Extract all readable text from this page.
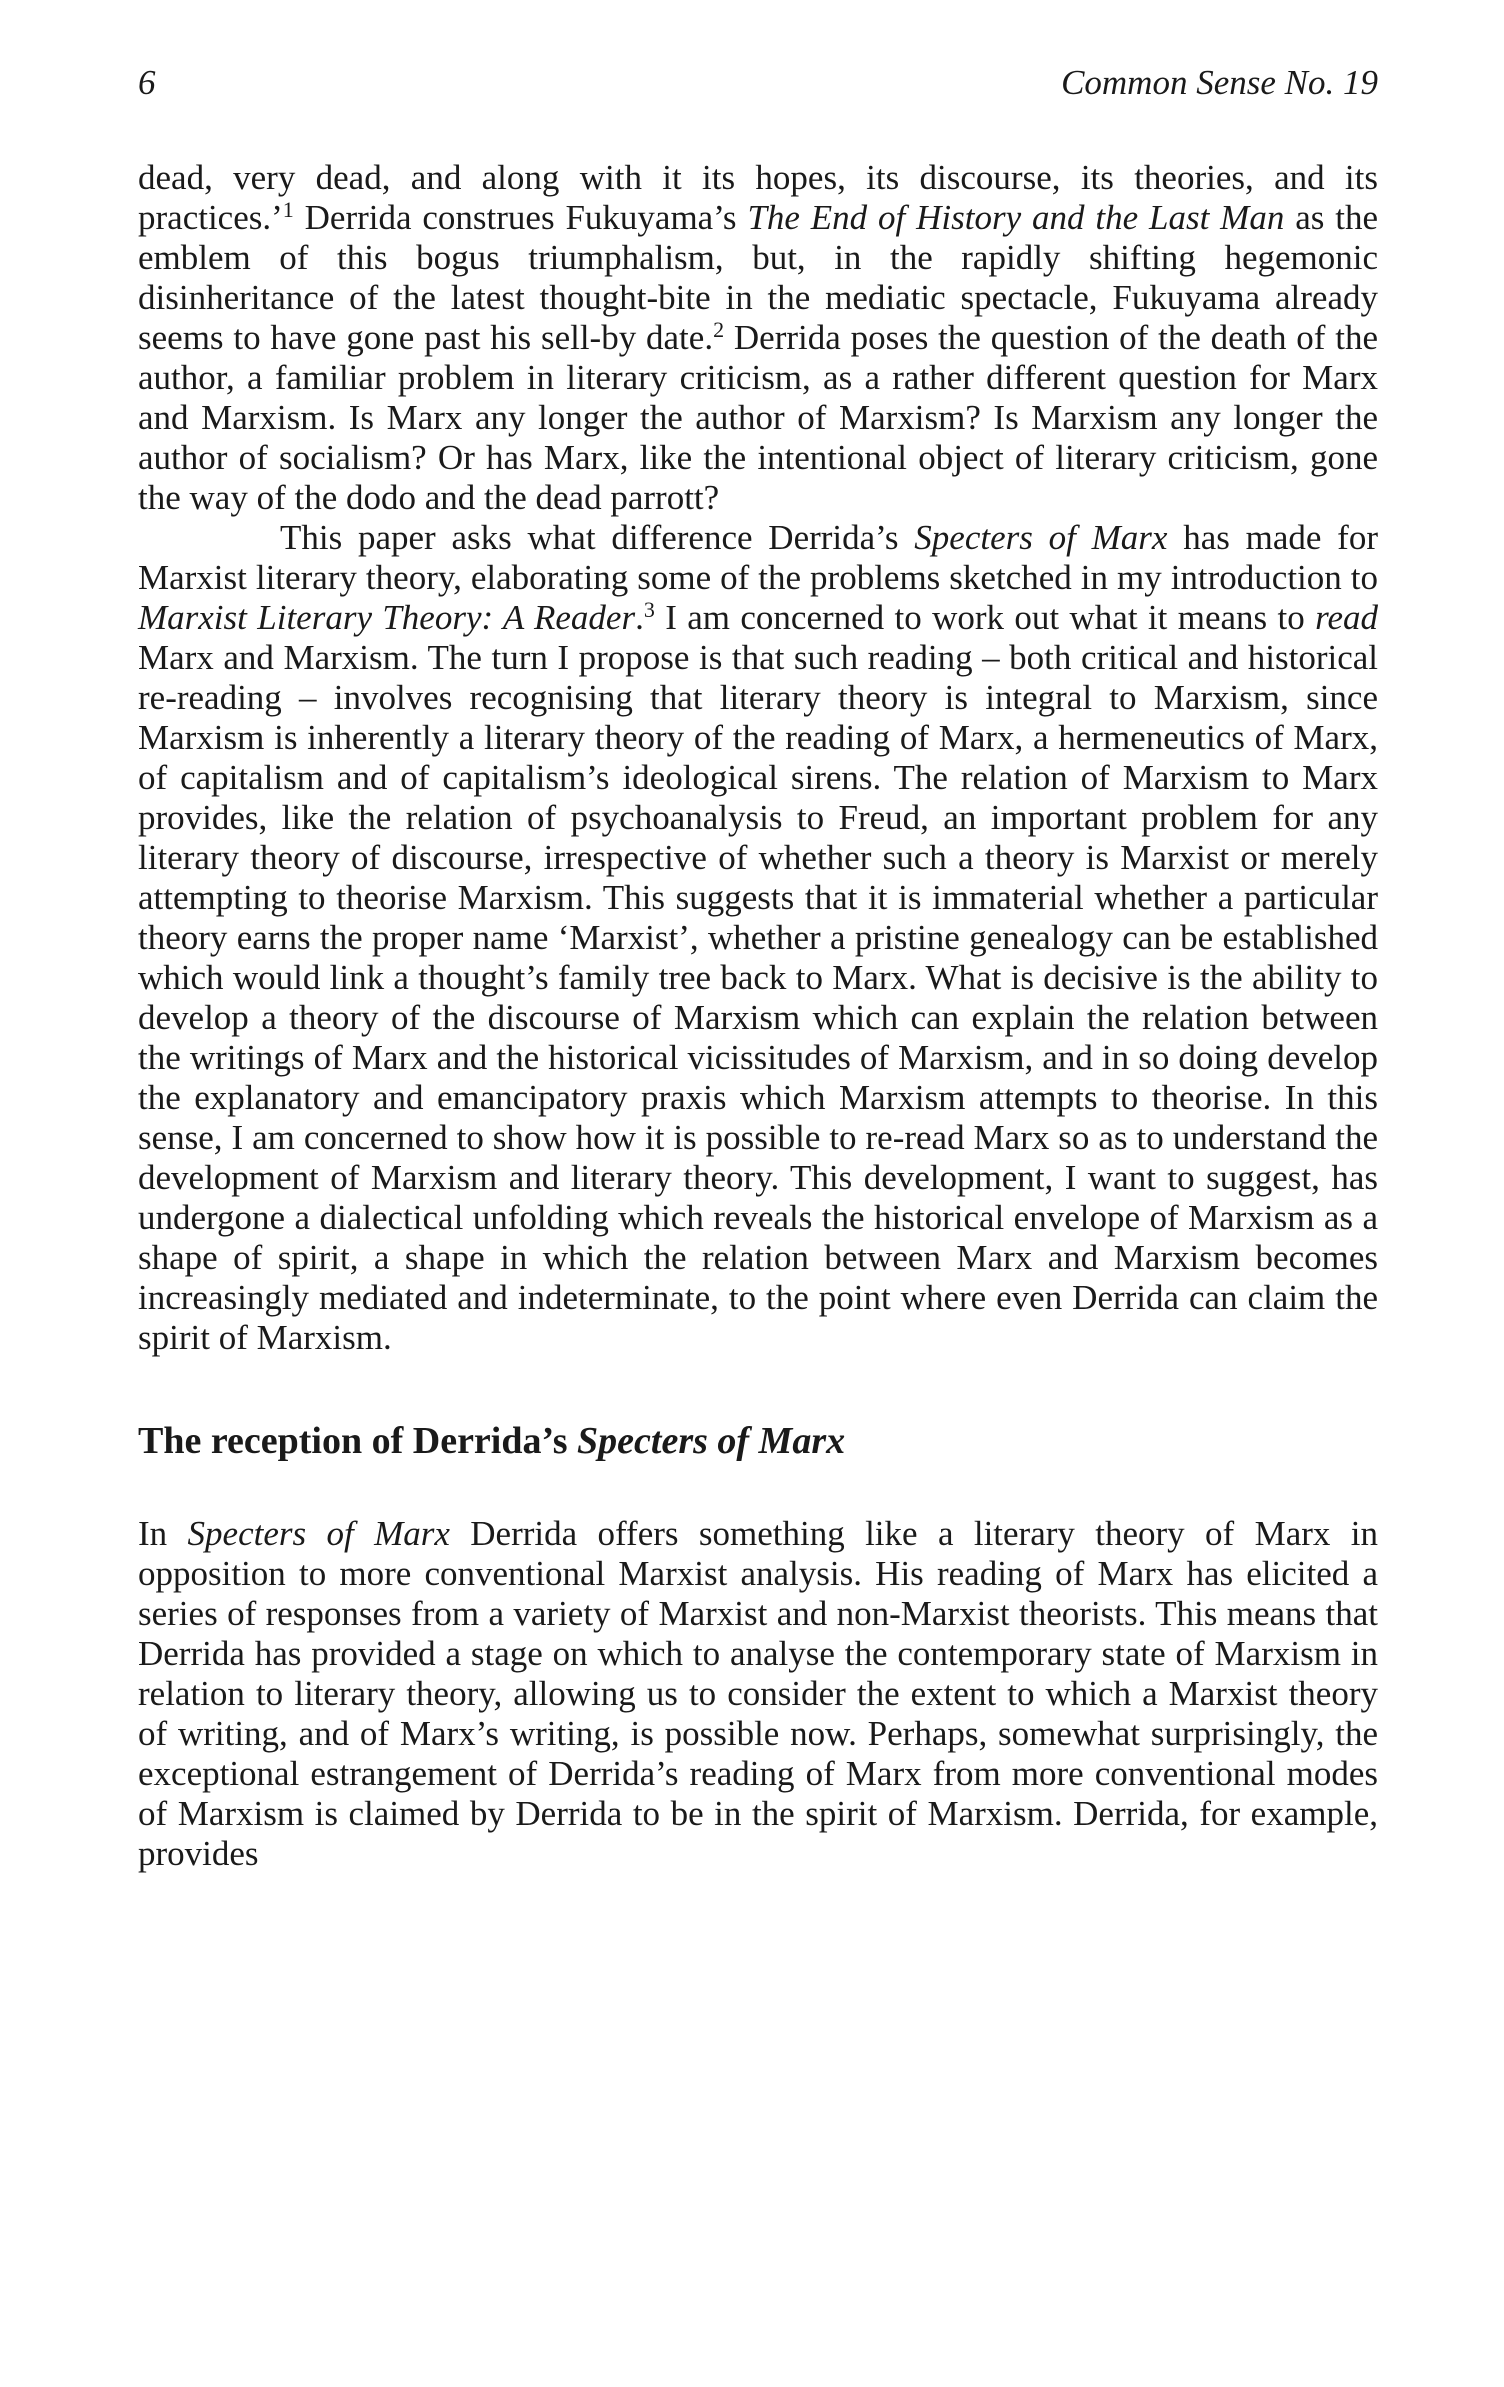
6	Common Sense No. 19

dead, very dead, and along with it its hopes, its discourse, its theories, and its practices.’$^1$ Derrida construes Fukuyama’s The End of History and the Last Man as the emblem of this bogus triumphalism, but, in the rapidly shifting hegemonic disinheritance of the latest thought-bite in the mediatic spectacle, Fukuyama already seems to have gone past his sell-by date.$^2$ Derrida poses the question of the death of the author, a familiar problem in literary criticism, as a rather different question for Marx and Marxism. Is Marx any longer the author of Marxism? Is Marxism any longer the author of socialism? Or has Marx, like the intentional object of literary criticism, gone the way of the dodo and the dead parrott?

This paper asks what difference Derrida’s Specters of Marx has made for Marxist literary theory, elaborating some of the problems sketched in my introduction to Marxist Literary Theory: A Reader.$^3$ I am concerned to work out what it means to read Marx and Marxism. The turn I propose is that such reading – both critical and historical re-reading – involves recognising that literary theory is integral to Marxism, since Marxism is inherently a literary theory of the reading of Marx, a hermeneutics of Marx, of capitalism and of capitalism’s ideological sirens. The relation of Marxism to Marx provides, like the relation of psychoanalysis to Freud, an important problem for any literary theory of discourse, irrespective of whether such a theory is Marxist or merely attempting to theorise Marxism. This suggests that it is immaterial whether a particular theory earns the proper name ‘Marxist’, whether a pristine genealogy can be established which would link a thought’s family tree back to Marx. What is decisive is the ability to develop a theory of the discourse of Marxism which can explain the relation between the writings of Marx and the historical vicissitudes of Marxism, and in so doing develop the explanatory and emancipatory praxis which Marxism attempts to theorise. In this sense, I am concerned to show how it is possible to re-read Marx so as to understand the development of Marxism and literary theory. This development, I want to suggest, has undergone a dialectical unfolding which reveals the historical envelope of Marxism as a shape of spirit, a shape in which the relation between Marx and Marxism becomes increasingly mediated and indeterminate, to the point where even Derrida can claim the spirit of Marxism.

The reception of Derrida’s Specters of Marx

In Specters of Marx Derrida offers something like a literary theory of Marx in opposition to more conventional Marxist analysis. His reading of Marx has elicited a series of responses from a variety of Marxist and non-Marxist theorists. This means that Derrida has provided a stage on which to analyse the contemporary state of Marxism in relation to literary theory, allowing us to consider the extent to which a Marxist theory of writing, and of Marx’s writing, is possible now. Perhaps, somewhat surprisingly, the exceptional estrangement of Derrida’s reading of Marx from more conventional modes of Marxism is claimed by Derrida to be in the spirit of Marxism. Derrida, for example, provides
